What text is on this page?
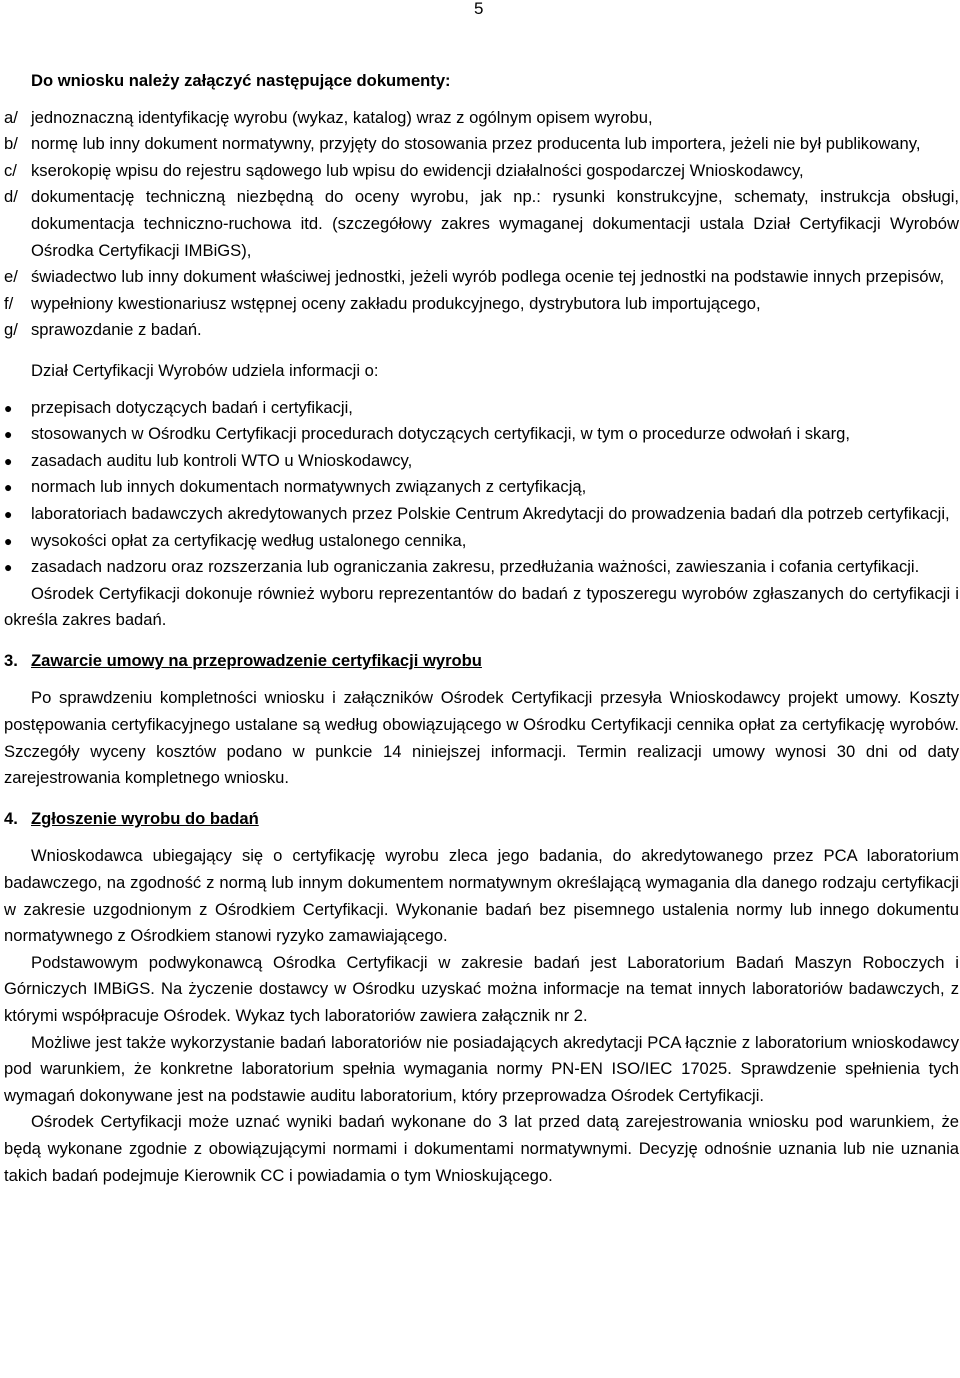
5
Do wniosku należy załączyć następujące dokumenty:
a/ jednoznaczną identyfikację wyrobu (wykaz, katalog) wraz z ogólnym opisem wyrobu,
b/ normę lub inny dokument normatywny, przyjęty do stosowania przez producenta lub importera, jeżeli nie był publikowany,
c/ kserokopię wpisu do rejestru sądowego lub wpisu do ewidencji działalności gospodarczej Wnioskodawcy,
d/ dokumentację techniczną niezbędną do oceny wyrobu, jak np.: rysunki konstrukcyjne, schematy, instrukcja obsługi, dokumentacja techniczno-ruchowa itd. (szczegółowy zakres wymaganej dokumentacji ustala Dział Certyfikacji Wyrobów Ośrodka Certyfikacji IMBiGS),
e/ świadectwo lub inny dokument właściwej jednostki, jeżeli wyrób podlega ocenie tej jednostki na podstawie innych przepisów,
f/	wypełniony kwestionariusz wstępnej oceny zakładu produkcyjnego, dystrybutora lub importującego,
g/ sprawozdanie z badań.
Dział Certyfikacji Wyrobów udziela informacji o:
●	przepisach dotyczących badań i certyfikacji,
●	stosowanych w Ośrodku Certyfikacji procedurach dotyczących certyfikacji, w tym o procedurze odwołań i skarg,
●	zasadach auditu lub kontroli WTO u Wnioskodawcy,
●	normach lub innych dokumentach normatywnych związanych z certyfikacją,
●	laboratoriach badawczych akredytowanych przez Polskie Centrum Akredytacji do prowadzenia badań dla potrzeb certyfikacji,
●	wysokości opłat za certyfikację według ustalonego cennika,
●	zasadach nadzoru oraz rozszerzania lub ograniczania zakresu, przedłużania ważności, zawieszania i cofania certyfikacji.

Ośrodek Certyfikacji dokonuje również wyboru reprezentantów do badań z typoszeregu wyrobów zgłaszanych do certyfikacji i określa zakres badań.

3. Zawarcie umowy na przeprowadzenie certyfikacji wyrobu

Po sprawdzeniu kompletności wniosku i załączników Ośrodek Certyfikacji przesyła Wnioskodawcy projekt umowy. Koszty postępowania certyfikacyjnego ustalane są według obowiązującego w Ośrodku Certyfikacji cennika opłat za certyfikację wyrobów. Szczegóły wyceny kosztów podano w punkcie 14 niniejszej informacji. Termin realizacji umowy wynosi 30 dni od daty zarejestrowania kompletnego wniosku.

4. Zgłoszenie wyrobu do badań

Wnioskodawca ubiegający się o certyfikację wyrobu zleca jego badania, do akredytowanego przez PCA laboratorium badawczego, na zgodność z normą lub innym dokumentem normatywnym określającą wymagania dla danego rodzaju certyfikacji w zakresie uzgodnionym z Ośrodkiem Certyfikacji. Wykonanie badań bez pisemnego ustalenia normy lub innego dokumentu normatywnego z Ośrodkiem stanowi ryzyko zamawiającego.

Podstawowym podwykonawcą Ośrodka Certyfikacji w zakresie badań jest Laboratorium Badań Maszyn Roboczych i Górniczych IMBiGS. Na życzenie dostawcy w Ośrodku uzyskać można informacje na temat innych laboratoriów badawczych, z którymi współpracuje Ośrodek. Wykaz tych laboratoriów zawiera załącznik nr 2.

Możliwe jest także wykorzystanie badań laboratoriów nie posiadających akredytacji PCA łącznie z laboratorium wnioskodawcy pod warunkiem, że konkretne laboratorium spełnia wymagania normy PN-EN ISO/IEC 17025. Sprawdzenie spełnienia tych wymagań dokonywane jest na podstawie auditu laboratorium, który przeprowadza Ośrodek Certyfikacji.

Ośrodek Certyfikacji może uznać wyniki badań wykonane do 3 lat przed datą zarejestrowania wniosku pod warunkiem, że będą wykonane zgodnie z obowiązującymi normami i dokumentami normatywnymi. Decyzję odnośnie uznania lub nie uznania takich badań podejmuje Kierownik CC i powiadamia o tym Wnioskującego.
